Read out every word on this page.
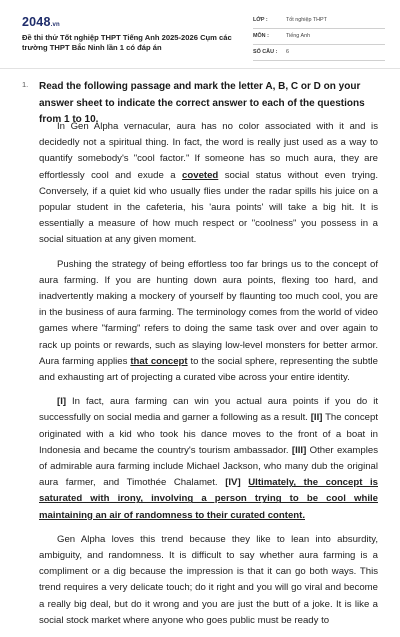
2048.vn
Đề thi thử Tốt nghiệp THPT Tiếng Anh 2025-2026 Cụm các trường THPT Bắc Ninh lần 1 có đáp án
LỚP :	Tốt nghiệp THPT
MÔN :	Tiếng Anh
SỐ CÂU : 6
1. Read the following passage and mark the letter A, B, C or D on your answer sheet to indicate the correct answer to each of the questions from 1 to 10.

In Gen Alpha vernacular, aura has no color associated with it and is decidedly not a spiritual thing. In fact, the word is really just used as a way to quantify somebody's "cool factor." If someone has so much aura, they are effortlessly cool and exude a coveted social status without even trying. Conversely, if a quiet kid who usually flies under the radar spills his juice on a popular student in the cafeteria, his 'aura points' will take a big hit. It is essentially a measure of how much respect or "coolness" you possess in a social situation at any given moment.

Pushing the strategy of being effortless too far brings us to the concept of aura farming. If you are hunting down aura points, flexing too hard, and inadvertently making a mockery of yourself by flaunting too much cool, you are in the business of aura farming. The terminology comes from the world of video games where "farming" refers to doing the same task over and over again to rack up points or rewards, such as slaying low-level monsters for better armor. Aura farming applies that concept to the social sphere, representing the subtle and exhausting art of projecting a curated vibe across your entire identity.

[I] In fact, aura farming can win you actual aura points if you do it successfully on social media and garner a following as a result. [II] The concept originated with a kid who took his dance moves to the front of a boat in Indonesia and became the country's tourism ambassador. [III] Other examples of admirable aura farming include Michael Jackson, who many dub the original aura farmer, and Timothée Chalamet. [IV] Ultimately, the concept is saturated with irony, involving a person trying to be cool while maintaining an air of randomness to their curated content.

Gen Alpha loves this trend because they like to lean into absurdity, ambiguity, and randomness. It is difficult to say whether aura farming is a compliment or a dig because the impression is that it can go both ways. This trend requires a very delicate touch; do it right and you will go viral and become a really big deal, but do it wrong and you are just the butt of a joke. It is like a social stock market where anyone who goes public must be ready to
